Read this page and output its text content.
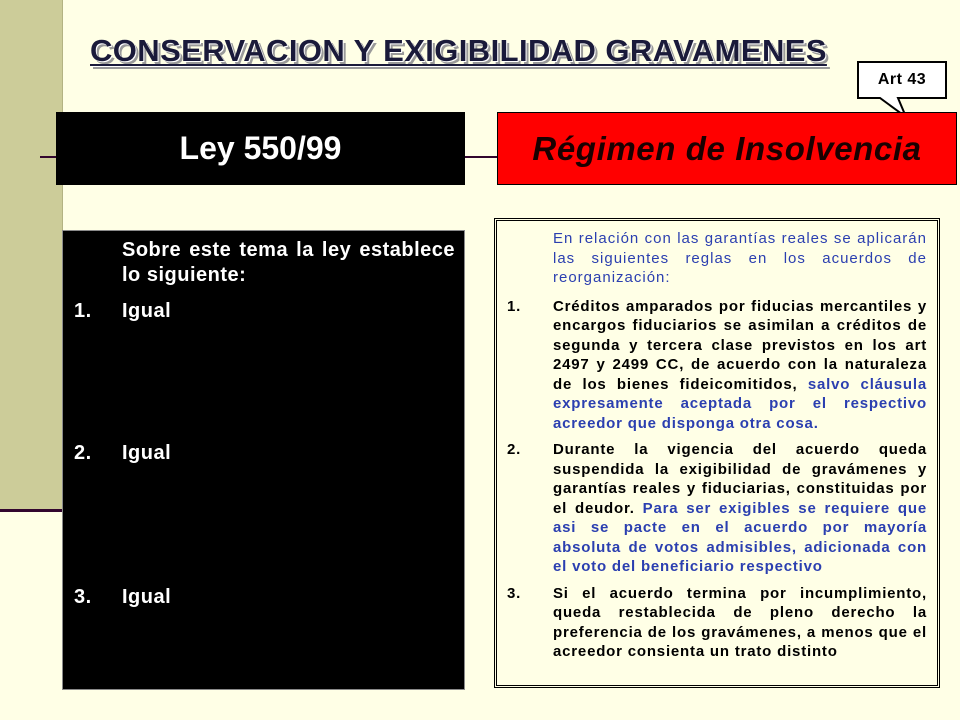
CONSERVACION Y EXIGIBILIDAD GRAVAMENES
Art 43
Ley 550/99	Régimen de Insolvencia

Sobre este tema la ley establece lo siguiente:

1. Igual
2. Igual
3. Igual

En relación con las garantías reales se aplicarán las siguientes reglas en los acuerdos de reorganización:

1.	Créditos amparados por fiducias mercantiles y encargos fiduciarios se asimilan a créditos de segunda y tercera clase previstos en los art 2497 y 2499 CC, de acuerdo con la naturaleza de los bienes fideicomitidos, salvo cláusula expresamente aceptada por el respectivo acreedor que disponga otra cosa.
2.	Durante la vigencia del acuerdo queda suspendida la exigibilidad de gravámenes y garantías reales y fiduciarias, constituidas por el deudor. Para ser exigibles se requiere que asi se pacte en el acuerdo por mayoría absoluta de votos admisibles, adicionada con el voto del beneficiario respectivo
3.	Si el acuerdo termina por incumplimiento, queda restablecida de pleno derecho la preferencia de los gravámenes, a menos que el acreedor consienta un trato distinto
